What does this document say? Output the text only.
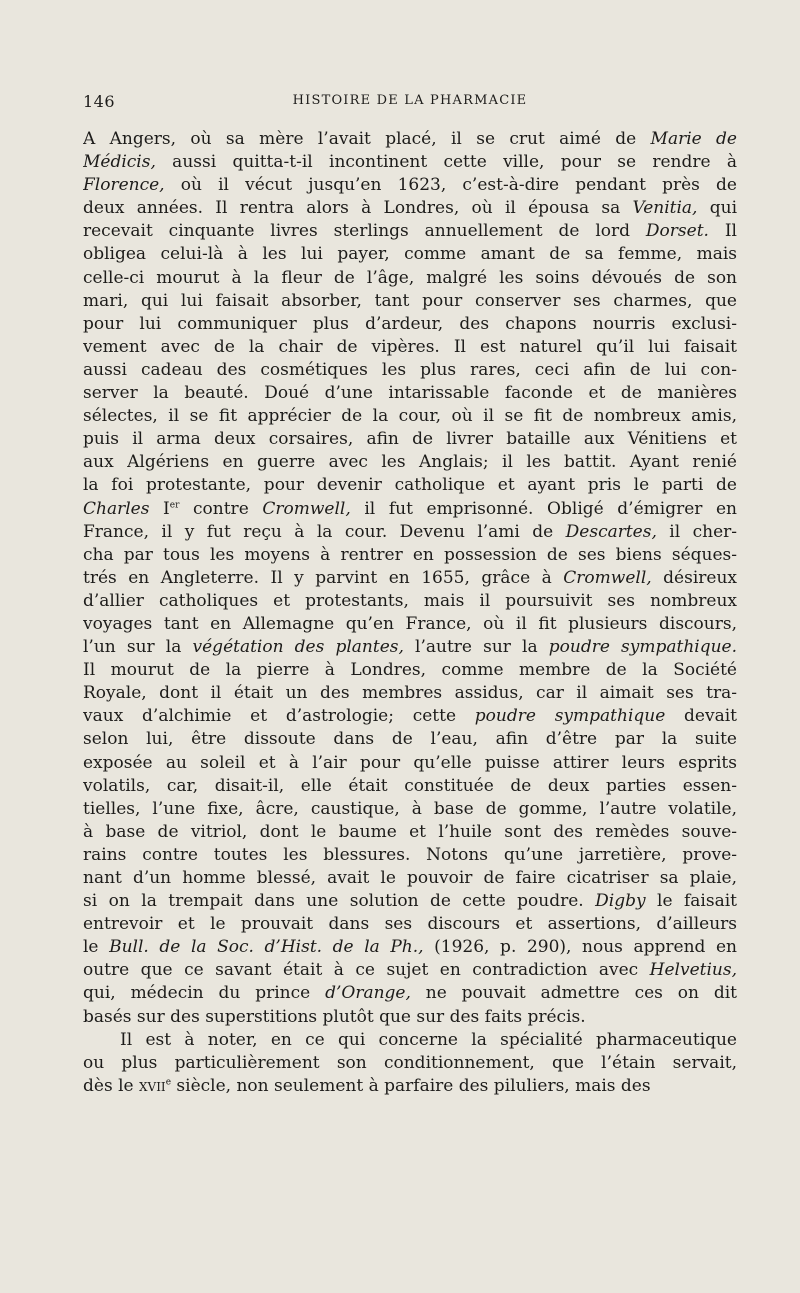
146	HISTOIRE DE LA PHARMACIE
A Angers, où sa mère l’avait placé, il se crut aimé de Marie de
Médicis, aussi quitta-t-il incontinent cette ville, pour se rendre à
Florence, où il vécut jusqu’en 1623, c’est-à-dire pendant près de
deux années. Il rentra alors à Londres, où il épousa sa Venitia, qui
recevait cinquante livres sterlings annuellement de lord Dorset. Il
obligea celui-là à les lui payer, comme amant de sa femme, mais
celle-ci mourut à la fleur de l’âge, malgré les soins dévoués de son
mari, qui lui faisait absorber, tant pour conserver ses charmes, que
pour lui communiquer plus d’ardeur, des chapons nourris exclusi-
vement avec de la chair de vipères. Il est naturel qu’il lui faisait
aussi cadeau des cosmétiques les plus rares, ceci afin de lui con-
server la beauté. Doué d’une intarissable faconde et de manières
sélectes, il se fit apprécier de la cour, où il se fit de nombreux amis,
puis il arma deux corsaires, afin de livrer bataille aux Vénitiens et
aux Algériens en guerre avec les Anglais; il les battit. Ayant renié
la foi protestante, pour devenir catholique et ayant pris le parti de
Charles Ier contre Cromwell, il fut emprisonné. Obligé d’émigrer en
France, il y fut reçu à la cour. Devenu l’ami de Descartes, il cher-
cha par tous les moyens à rentrer en possession de ses biens séques-
trés en Angleterre. Il y parvint en 1655, grâce à Cromwell, désireux
d’allier catholiques et protestants, mais il poursuivit ses nombreux
voyages tant en Allemagne qu’en France, où il fit plusieurs discours,
l’un sur la végétation des plantes, l’autre sur la poudre sympathique.
Il mourut de la pierre à Londres, comme membre de la Société
Royale, dont il était un des membres assidus, car il aimait ses tra-
vaux d’alchimie et d’astrologie; cette poudre sympathique devait
selon lui, être dissoute dans de l’eau, afin d’être par la suite
exposée au soleil et à l’air pour qu’elle puisse attirer leurs esprits
volatils, car, disait-il, elle était constituée de deux parties essen-
tielles, l’une fixe, âcre, caustique, à base de gomme, l’autre volatile,
à base de vitriol, dont le baume et l’huile sont des remèdes souve-
rains contre toutes les blessures. Notons qu’une jarretière, prove-
nant d’un homme blessé, avait le pouvoir de faire cicatriser sa plaie,
si on la trempait dans une solution de cette poudre. Digby le faisait
entrevoir et le prouvait dans ses discours et assertions, d’ailleurs
le Bull. de la Soc. d’Hist. de la Ph., (1926, p. 290), nous apprend en
outre que ce savant était à ce sujet en contradiction avec Helvetius,
qui, médecin du prince d’Orange, ne pouvait admettre ces on dit
basés sur des superstitions plutôt que sur des faits précis.
Il est à noter, en ce qui concerne la spécialité pharmaceutique
ou plus particulièrement son conditionnement, que l’étain servait,
dès le xvii$^e$ siècle, non seulement à parfaire des piluliers, mais des
